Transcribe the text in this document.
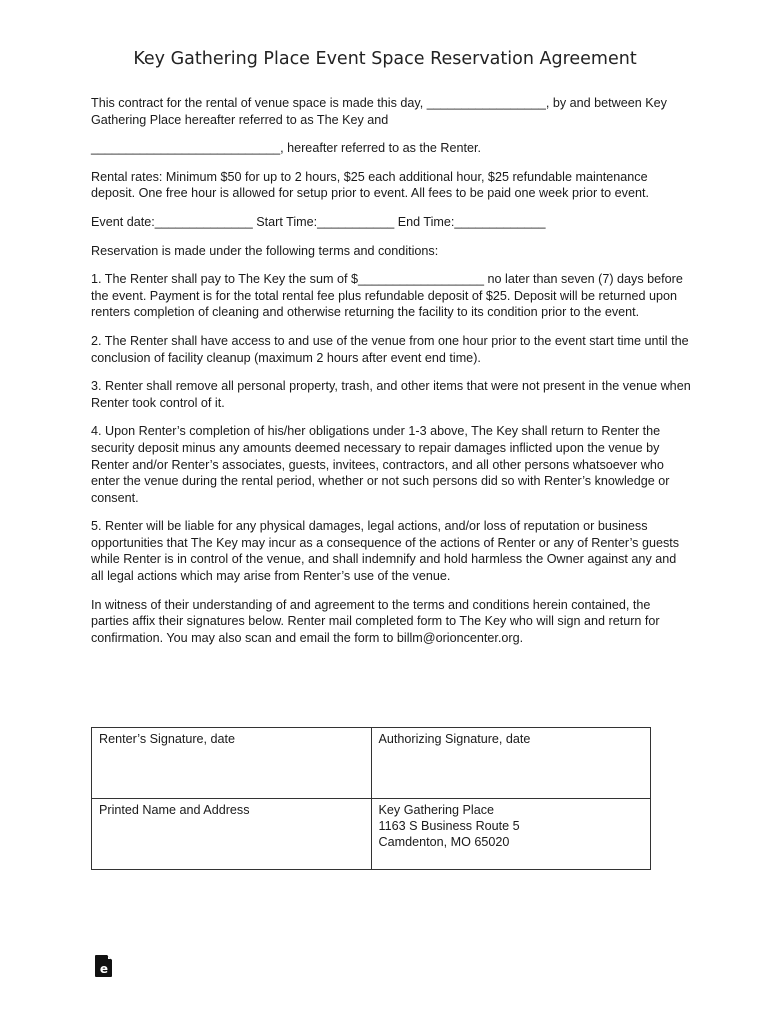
Key Gathering Place Event Space Reservation Agreement

This contract for the rental of venue space is made this day, _________________, by and between Key Gathering Place hereafter referred to as The Key and

___________________________, hereafter referred to as the Renter.

Rental rates: Minimum $50 for up to 2 hours, $25 each additional hour, $25 refundable maintenance deposit. One free hour is allowed for setup prior to event. All fees to be paid one week prior to event.

Event date:______________ Start Time:___________ End Time:_____________

Reservation is made under the following terms and conditions:

1. The Renter shall pay to The Key the sum of $__________________ no later than seven (7) days before the event. Payment is for the total rental fee plus refundable deposit of $25. Deposit will be returned upon renters completion of cleaning and otherwise returning the facility to its condition prior to the event.

2. The Renter shall have access to and use of the venue from one hour prior to the event start time until the conclusion of facility cleanup (maximum 2 hours after event end time).

3. Renter shall remove all personal property, trash, and other items that were not present in the venue when Renter took control of it.

4. Upon Renter’s completion of his/her obligations under 1-3 above, The Key shall return to Renter the security deposit minus any amounts deemed necessary to repair damages inflicted upon the venue by Renter and/or Renter’s associates, guests, invitees, contractors, and all other persons whatsoever who enter the venue during the rental period, whether or not such persons did so with Renter’s knowledge or consent.

5. Renter will be liable for any physical damages, legal actions, and/or loss of reputation or business opportunities that The Key may incur as a consequence of the actions of Renter or any of Renter’s guests while Renter is in control of the venue, and shall indemnify and hold harmless the Owner against any and all legal actions which may arise from Renter’s use of the venue.

In witness of their understanding of and agreement to the terms and conditions herein contained, the parties affix their signatures below. Renter mail completed form to The Key who will sign and return for confirmation. You may also scan and email the form to billm@orioncenter.org.

Renter’s Signature, date	Authorizing Signature, date
Printed Name and Address	Key Gathering Place
1163 S Business Route 5
Camdenton, MO 65020
e
